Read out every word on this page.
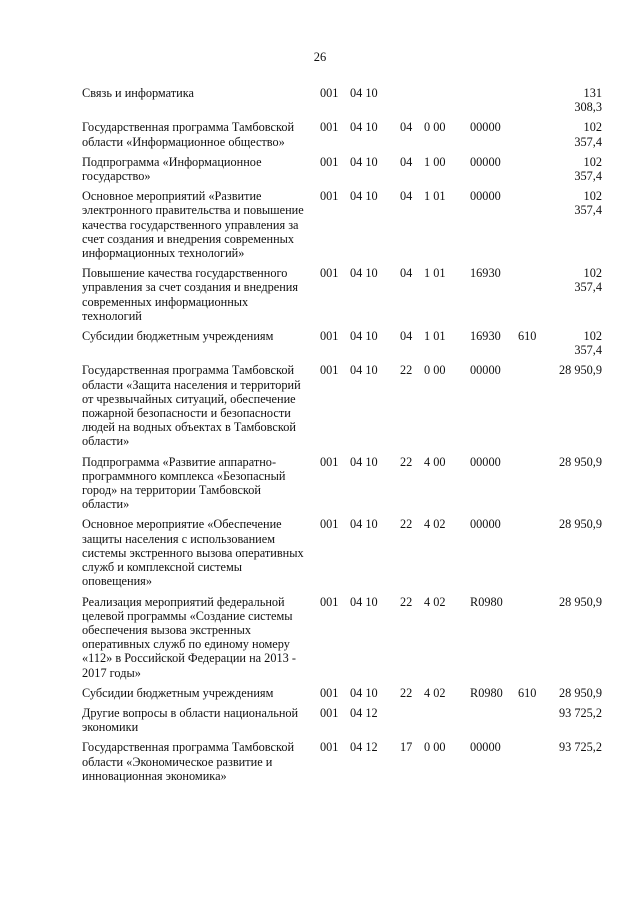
26
Связь и информатика	001	04 10					131 308,3
Государственная программа Тамбовской области «Информационное общество»	001	04 10	04	0 00	00000		102 357,4
Подпрограмма «Информационное государство»	001	04 10	04	1 00	00000		102 357,4
Основное мероприятий «Развитие электронного правительства и повышение качества государственного управления за счет создания и внедрения современных информационных технологий»	001	04 10	04	1 01	00000		102 357,4
Повышение качества государственного управления за счет создания и внедрения современных информационных технологий	001	04 10	04	1 01	16930		102 357,4
Субсидии бюджетным учреждениям	001	04 10	04	1 01	16930	610	102 357,4
Государственная программа Тамбовской области «Защита населения и территорий от чрезвычайных ситуаций, обеспечение пожарной безопасности и безопасности людей на водных объектах в Тамбовской области»	001	04 10	22	0 00	00000		28 950,9
Подпрограмма «Развитие аппаратно-программного комплекса «Безопасный город» на территории Тамбовской области»	001	04 10	22	4 00	00000		28 950,9
Основное мероприятие «Обеспечение защиты населения с использованием системы экстренного вызова оперативных служб и комплексной системы оповещения»	001	04 10	22	4 02	00000		28 950,9
Реализация мероприятий федеральной целевой программы «Создание системы обеспечения вызова экстренных оперативных служб по единому номеру «112» в Российской Федерации на 2013 - 2017 годы»	001	04 10	22	4 02	R0980		28 950,9
Субсидии бюджетным учреждениям	001	04 10	22	4 02	R0980	610	28 950,9
Другие вопросы в области национальной экономики	001	04 12					93 725,2
Государственная программа Тамбовской области «Экономическое развитие и инновационная экономика»	001	04 12	17	0 00	00000		93 725,2
